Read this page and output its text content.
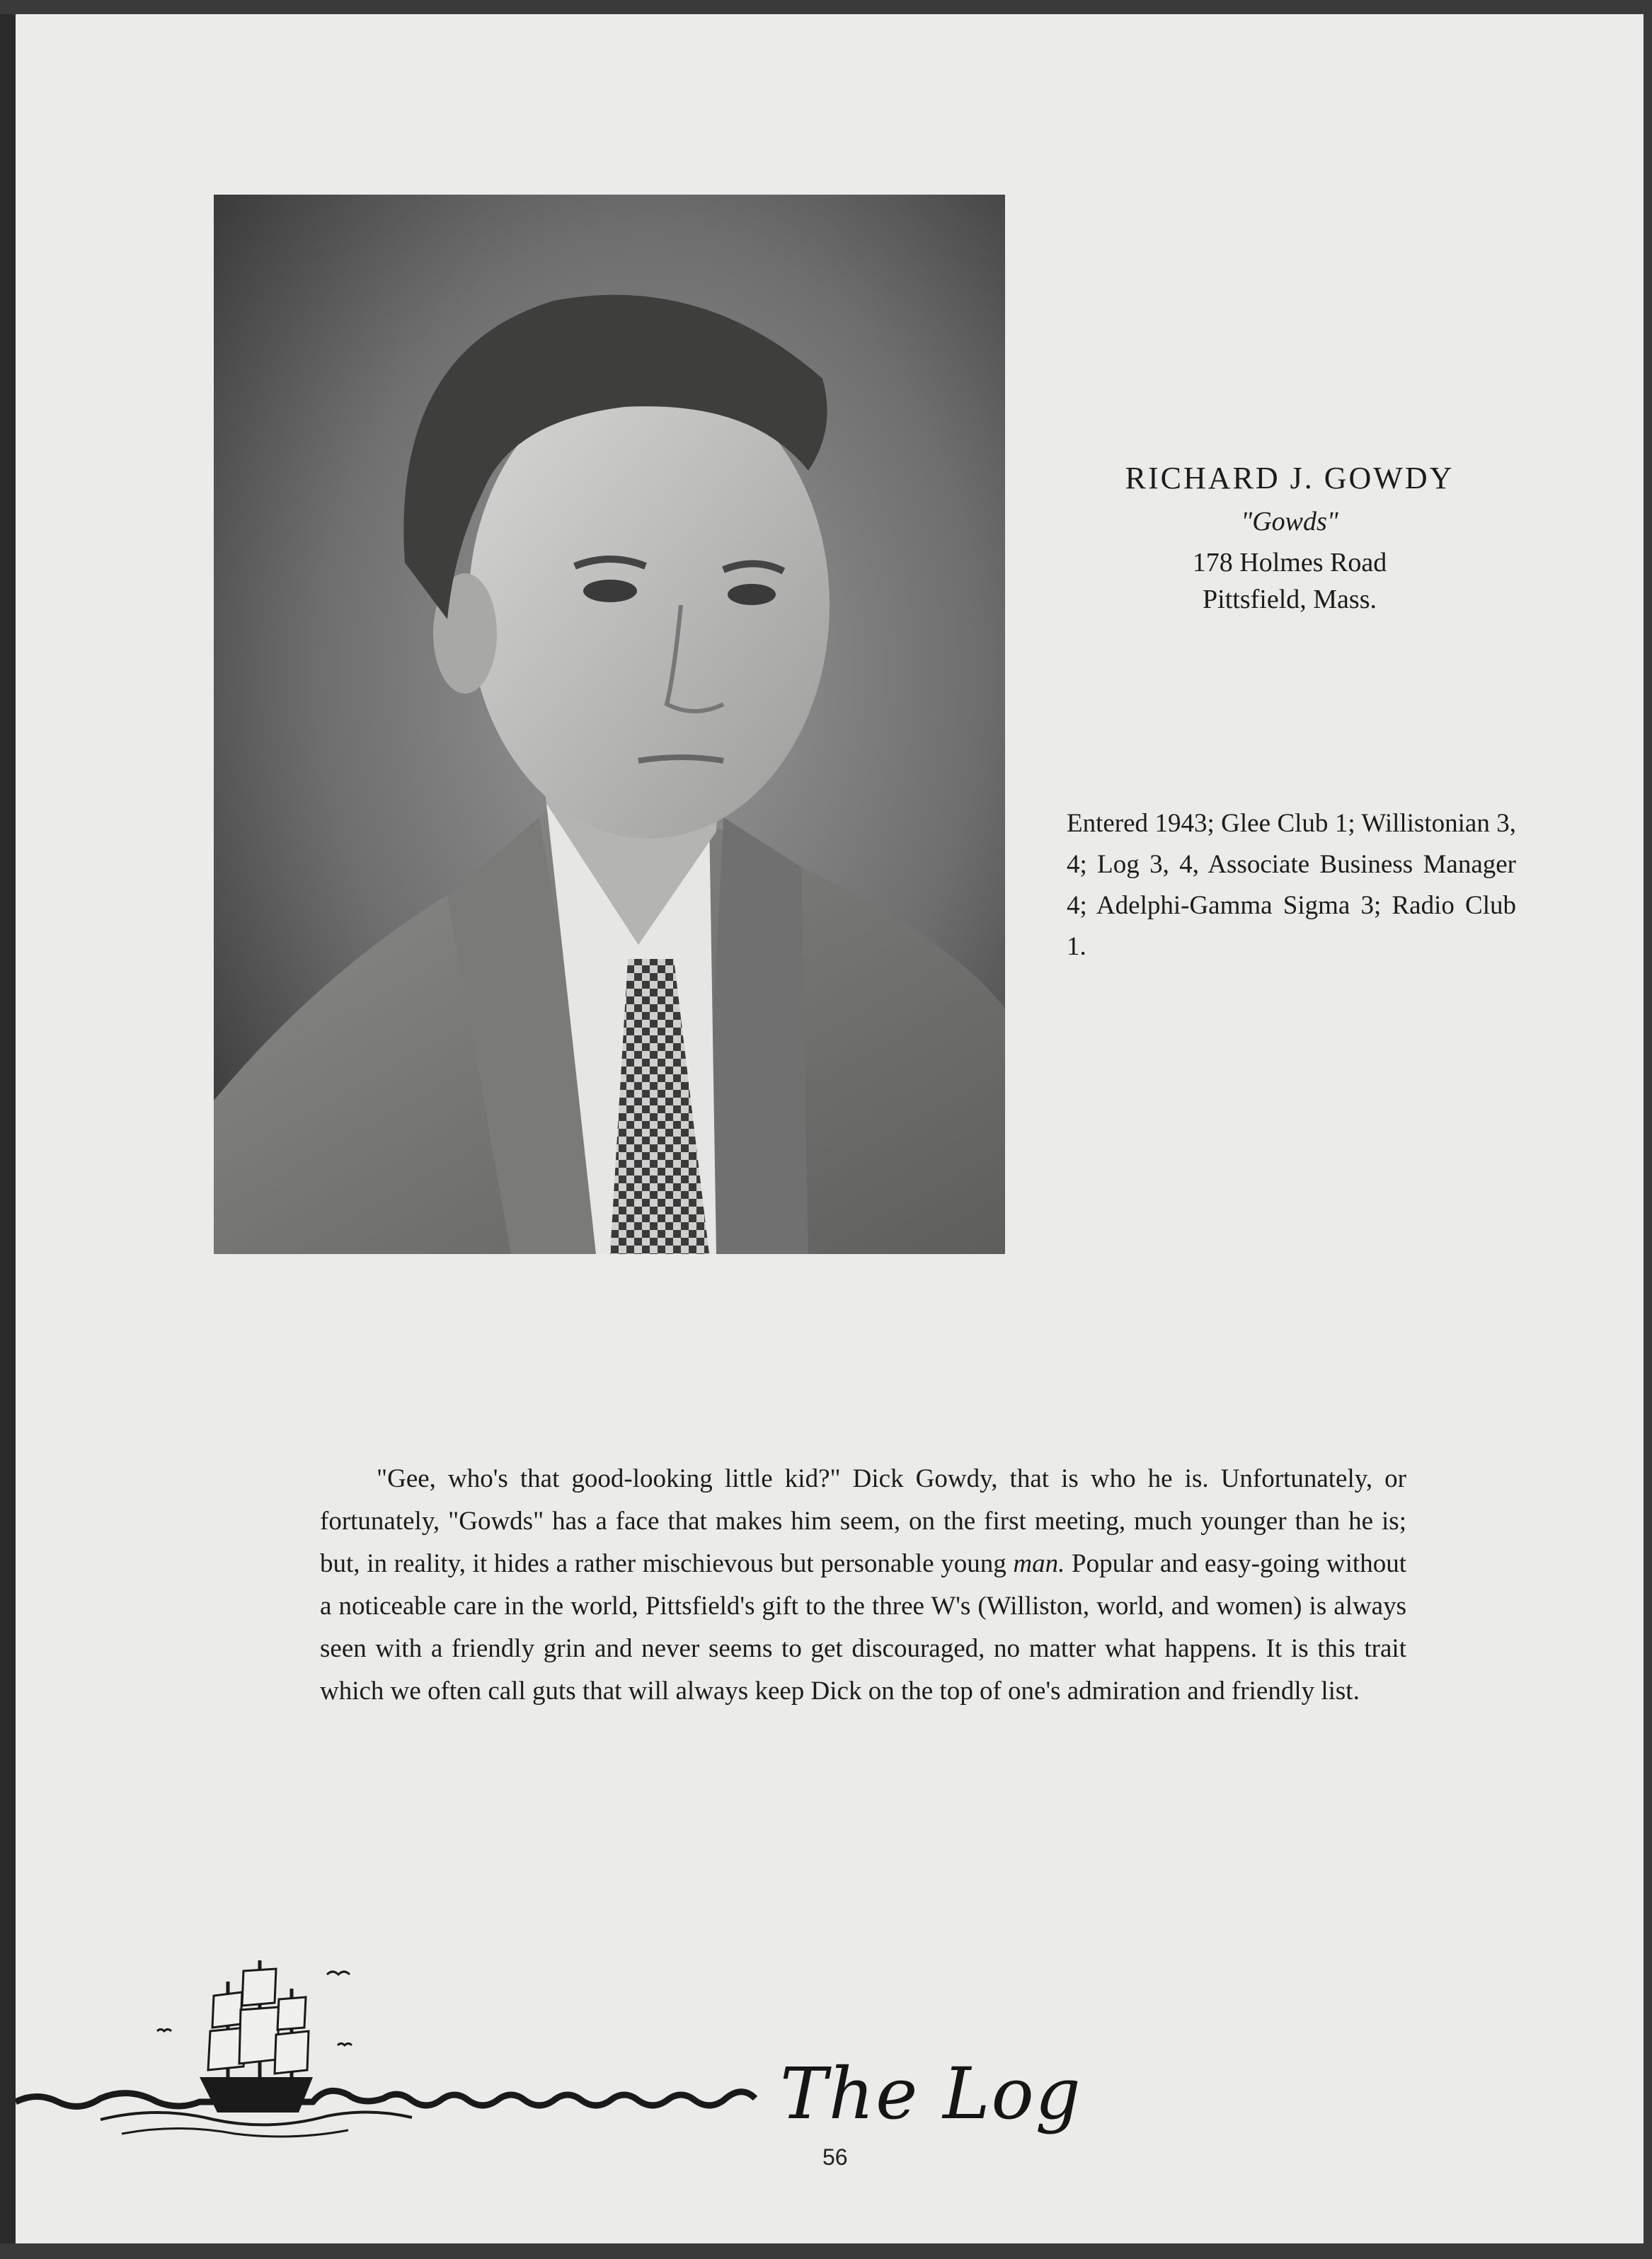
RICHARD J. GOWDY
"Gowds"
178 Holmes Road
Pittsfield, Mass.
Entered 1943; Glee Club 1; Willistonian 3, 4; Log 3, 4, Associate Business Manager 4; Adelphi-Gamma Sigma 3; Radio Club 1.
"Gee, who's that good-looking little kid?" Dick Gowdy, that is who he is. Unfortunately, or fortunately, "Gowds" has a face that makes him seem, on the first meeting, much younger than he is; but, in reality, it hides a rather mischievous but personable young man. Popular and easy-going without a noticeable care in the world, Pittsfield's gift to the three W's (Williston, world, and women) is always seen with a friendly grin and never seems to get discouraged, no matter what happens. It is this trait which we often call guts that will always keep Dick on the top of one's admiration and friendly list.
The Log
56
